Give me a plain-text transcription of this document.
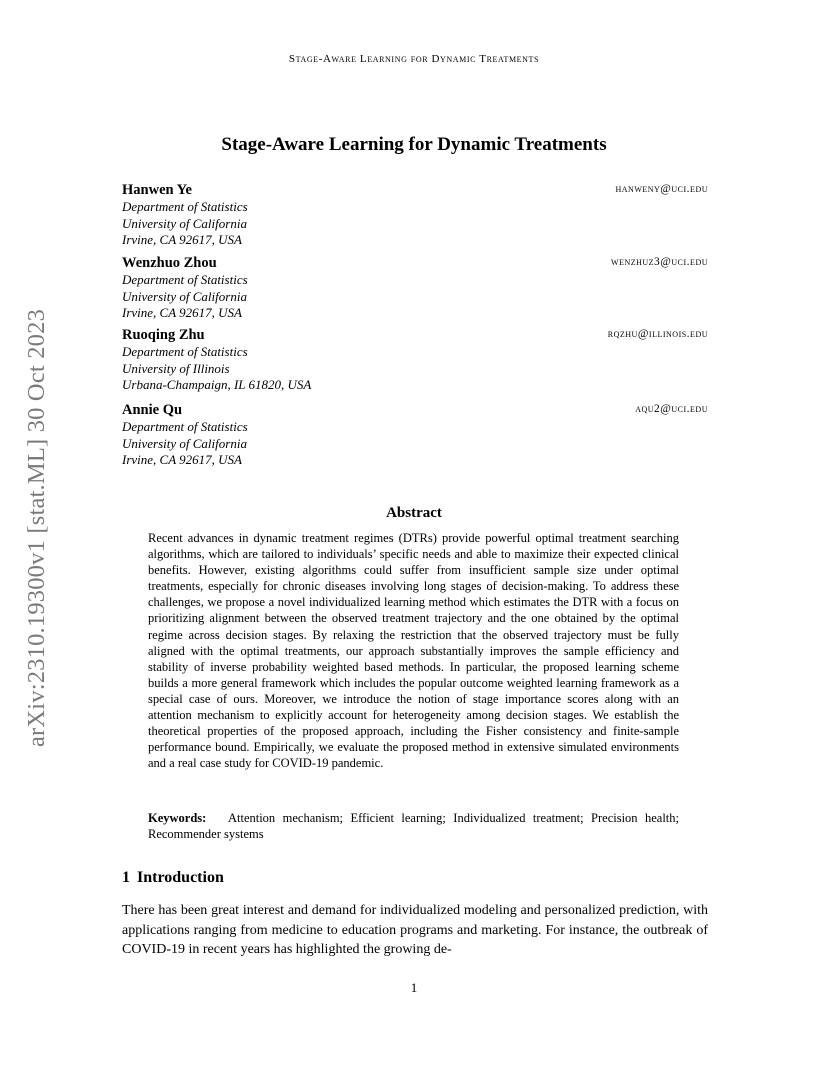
Stage-Aware Learning for Dynamic Treatments
arXiv:2310.19300v1 [stat.ML] 30 Oct 2023
Stage-Aware Learning for Dynamic Treatments
Hanwen Ye	hanweny@uci.edu
Department of Statistics
University of California
Irvine, CA 92617, USA
Wenzhuo Zhou	wenzhuz3@uci.edu
Department of Statistics
University of California
Irvine, CA 92617, USA
Ruoqing Zhu	rqzhu@illinois.edu
Department of Statistics
University of Illinois
Urbana-Champaign, IL 61820, USA
Annie Qu	aqu2@uci.edu
Department of Statistics
University of California
Irvine, CA 92617, USA
Abstract

Recent advances in dynamic treatment regimes (DTRs) provide powerful optimal treatment searching algorithms, which are tailored to individuals’ specific needs and able to maximize their expected clinical benefits. However, existing algorithms could suffer from insufficient sample size under optimal treatments, especially for chronic diseases involving long stages of decision-making. To address these challenges, we propose a novel individualized learning method which estimates the DTR with a focus on prioritizing alignment between the observed treatment trajectory and the one obtained by the optimal regime across decision stages. By relaxing the restriction that the observed trajectory must be fully aligned with the optimal treatments, our approach substantially improves the sample efficiency and stability of inverse probability weighted based methods. In particular, the proposed learning scheme builds a more general framework which includes the popular outcome weighted learning framework as a special case of ours. Moreover, we introduce the notion of stage importance scores along with an attention mechanism to explicitly account for heterogeneity among decision stages. We establish the theoretical properties of the proposed approach, including the Fisher consistency and finite-sample performance bound. Empirically, we evaluate the proposed method in extensive simulated environments and a real case study for COVID-19 pandemic.

Keywords: Attention mechanism; Efficient learning; Individualized treatment; Precision health; Recommender systems

1 Introduction

There has been great interest and demand for individualized modeling and personalized prediction, with applications ranging from medicine to education programs and marketing. For instance, the outbreak of COVID-19 in recent years has highlighted the growing de-

1
